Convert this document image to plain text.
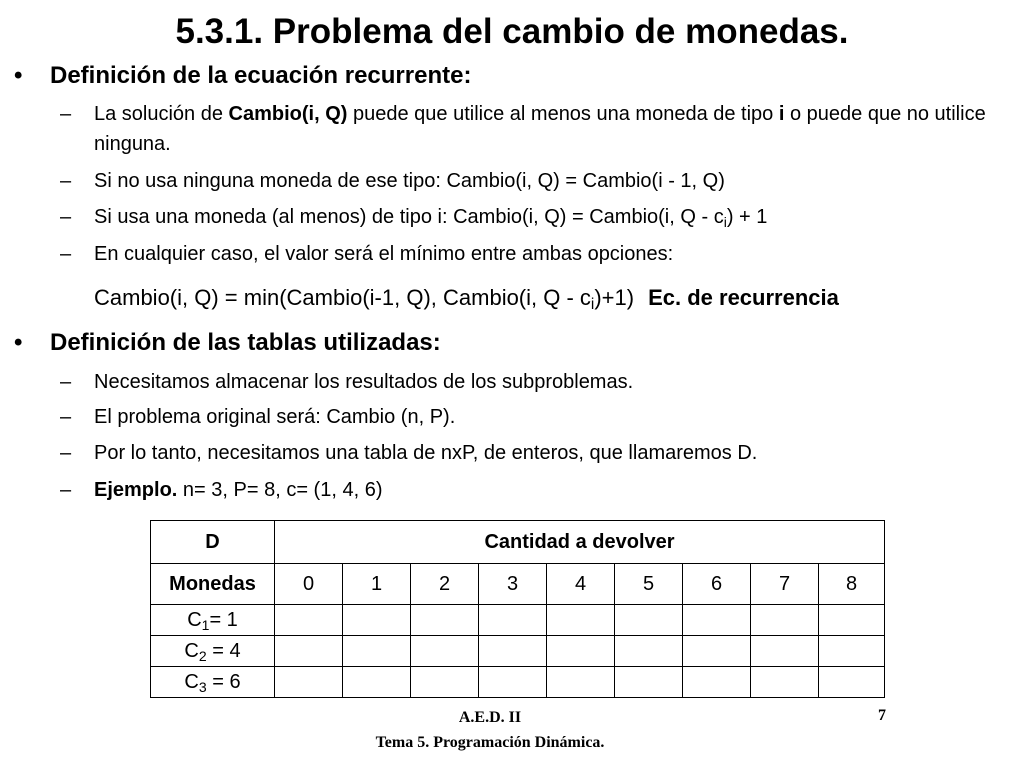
5.3.1. Problema del cambio de monedas.
• Definición de la ecuación recurrente:
– La solución de Cambio(i, Q) puede que utilice al menos una moneda de tipo i o puede que no utilice ninguna.
– Si no usa ninguna moneda de ese tipo: Cambio(i, Q) = Cambio(i - 1, Q)
– Si usa una moneda (al menos) de tipo i: Cambio(i, Q) = Cambio(i, $Q - c_i) + 1$
– En cualquier caso, el valor será el mínimo entre ambas opciones:
Cambio(i, Q) = min(Cambio(i-1, Q), Cambio(i, $Q - c_i)+1$) Ec. de recurrencia
• Definición de las tablas utilizadas:
– Necesitamos almacenar los resultados de los subproblemas.
– El problema original será: Cambio (n, P).
– Por lo tanto, necesitamos una tabla de nxP, de enteros, que llamaremos D.
– Ejemplo. n= 3, P= 8, c= (1, 4, 6)
D	Cantidad a devolver								
Monedas	0	1	2	3	4	5	6	7	8
$C_1= 1$									
$C_2 = 4$									
$C_3 = 6$									
A.E.D. II
Tema 5. Programación Dinámica.
7
